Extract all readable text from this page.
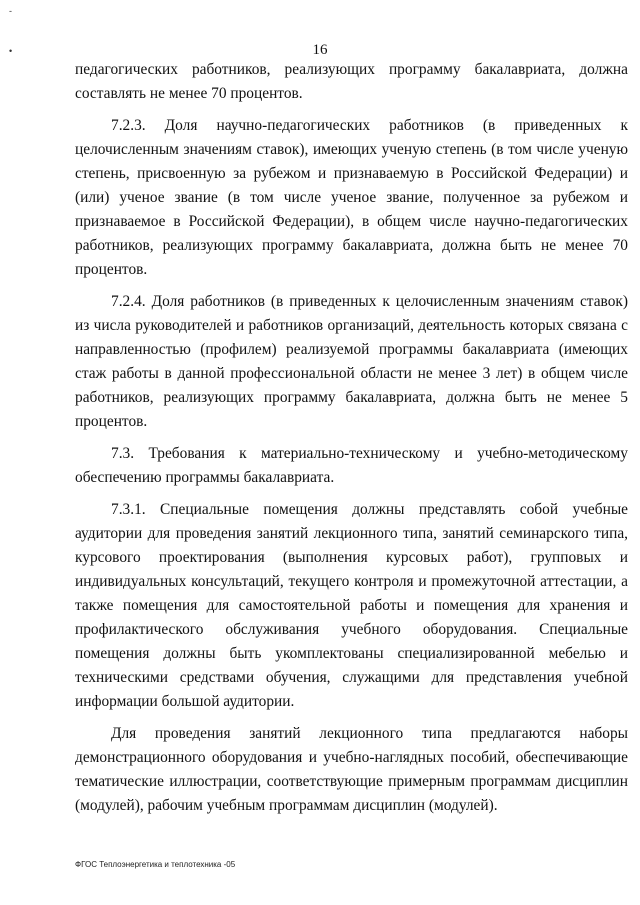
-
•	16

педагогических работников, реализующих программу бакалавриата, должна составлять не менее 70 процентов.

7.2.3. Доля научно-педагогических работников (в приведенных к целочисленным значениям ставок), имеющих ученую степень (в том числе ученую степень, присвоенную за рубежом и признаваемую в Российской Федерации) и (или) ученое звание (в том числе ученое звание, полученное за рубежом и признаваемое в Российской Федерации), в общем числе научно-педагогических работников, реализующих программу бакалавриата, должна быть не менее 70 процентов.

7.2.4. Доля работников (в приведенных к целочисленным значениям ставок) из числа руководителей и работников организаций, деятельность которых связана с направленностью (профилем) реализуемой программы бакалавриата (имеющих стаж работы в данной профессиональной области не менее 3 лет) в общем числе работников, реализующих программу бакалавриата, должна быть не менее 5 процентов.

7.3. Требования к материально-техническому и учебно-методическому обеспечению программы бакалавриата.

7.3.1. Специальные помещения должны представлять собой учебные аудитории для проведения занятий лекционного типа, занятий семинарского типа, курсового проектирования (выполнения курсовых работ), групповых и индивидуальных консультаций, текущего контроля и промежуточной аттестации, а также помещения для самостоятельной работы и помещения для хранения и профилактического обслуживания учебного оборудования. Специальные помещения должны быть укомплектованы специализированной мебелью и техническими средствами обучения, служащими для представления учебной информации большой аудитории.

Для проведения занятий лекционного типа предлагаются наборы демонстрационного оборудования и учебно-наглядных пособий, обеспечивающие тематические иллюстрации, соответствующие примерным программам дисциплин (модулей), рабочим учебным программам дисциплин (модулей).

ФГОС Теплоэнергетика и теплотехника -05
